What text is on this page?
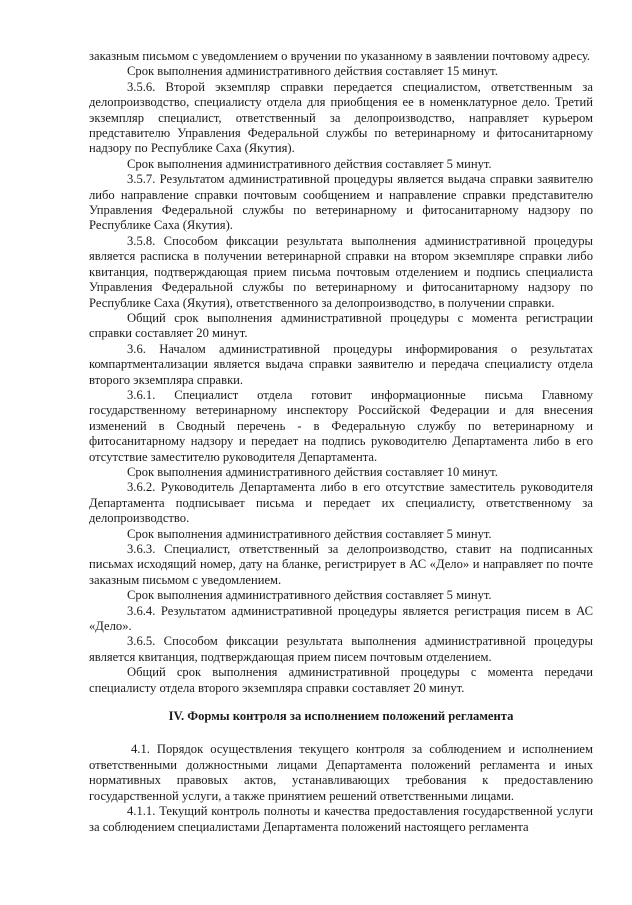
заказным письмом с уведомлением о вручении по указанному в заявлении почтовому адресу.

Срок выполнения административного действия составляет 15 минут.

3.5.6. Второй экземпляр справки передается специалистом, ответственным за делопроизводство, специалисту отдела для приобщения ее в номенклатурное дело. Третий экземпляр специалист, ответственный за делопроизводство, направляет курьером представителю Управления Федеральной службы по ветеринарному и фитосанитарному надзору по Республике Саха (Якутия).

Срок выполнения административного действия составляет 5 минут.

3.5.7. Результатом административной процедуры является выдача справки заявителю либо направление справки почтовым сообщением и направление справки представителю Управления Федеральной службы по ветеринарному и фитосанитарному надзору по Республике Саха (Якутия).

3.5.8. Способом фиксации результата выполнения административной процедуры является расписка в получении ветеринарной справки на втором экземпляре справки либо квитанция, подтверждающая прием письма почтовым отделением и подпись специалиста Управления Федеральной службы по ветеринарному и фитосанитарному надзору по Республике Саха (Якутия), ответственного за делопроизводство, в получении справки.

Общий срок выполнения административной процедуры с момента регистрации справки составляет 20 минут.

3.6. Началом административной процедуры информирования о результатах компартментализации является выдача справки заявителю и передача специалисту отдела второго экземпляра справки.

3.6.1. Специалист отдела готовит информационные письма Главному государственному ветеринарному инспектору Российской Федерации и для внесения изменений в Сводный перечень - в Федеральную службу по ветеринарному и фитосанитарному надзору и передает на подпись руководителю Департамента либо в его отсутствие заместителю руководителя Департамента.

Срок выполнения административного действия составляет 10 минут.

3.6.2. Руководитель Департамента либо в его отсутствие заместитель руководителя Департамента подписывает письма и передает их специалисту, ответственному за делопроизводство.

Срок выполнения административного действия составляет 5 минут.

3.6.3. Специалист, ответственный за делопроизводство, ставит на подписанных письмах исходящий номер, дату на бланке, регистрирует в АС «Дело» и направляет по почте заказным письмом с уведомлением.

Срок выполнения административного действия составляет 5 минут.

3.6.4. Результатом административной процедуры является регистрация писем в АС «Дело».

3.6.5. Способом фиксации результата выполнения административной процедуры является квитанция, подтверждающая прием писем почтовым отделением.

Общий срок выполнения административной процедуры с момента передачи специалисту отдела второго экземпляра справки составляет 20 минут.

IV. Формы контроля за исполнением положений регламента

4.1. Порядок осуществления текущего контроля за соблюдением и исполнением ответственными должностными лицами Департамента положений регламента и иных нормативных правовых актов, устанавливающих требования к предоставлению государственной услуги, а также принятием решений ответственными лицами.

4.1.1. Текущий контроль полноты и качества предоставления государственной услуги за соблюдением специалистами Департамента положений настоящего регламента
